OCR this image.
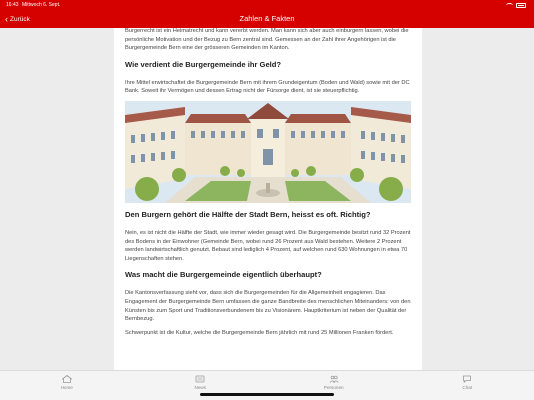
16:43 Mittwoch 6. Sept.
‹ Zurück	Zahlen & Fakten

Burgerrecht ist ein Heimatrecht und kann vererbt werden. Man kann sich aber auch einburgern lassen, wobei die persönliche Motivation und der Bezug zu Bern zentral sind. Gemessen an der Zahl ihrer Angehörigen ist die Burgergemeinde Bern eine der grösseren Gemeinden im Kanton.

Wie verdient die Burgergemeinde ihr Geld?

Ihre Mittel erwirtschaftet die Burgergemeinde Bern mit ihrem Grundeigentum (Boden und Wald) sowie mit der DC Bank. Soweit ihr Vermögen und dessen Ertrag nicht der Fürsorge dient, ist sie steuerpflichtig.

Den Burgern gehört die Hälfte der Stadt Bern, heisst es oft. Richtig?

Nein, es ist nicht die Hälfte der Stadt, wie immer wieder gesagt wird. Die Burgergemeinde besitzt rund 32 Prozent des Bodens in der Einwohner (Gemeinde Bern, wobei rund 26 Prozent aus Wald bestehen. Weitere 2 Prozent werden landwirtschaftlich genutzt. Bebaut sind lediglich 4 Prozent, auf welchen rund 630 Wohnungen in etwa 70 Liegenschaften stehen.

Was macht die Burgergemeinde eigentlich überhaupt?

Die Kantonsverfassung sieht vor, dass sich die Burgergemeinden für die Allgemeinheit engagieren. Das Engagement der Burgergemeinde Bern umfassen die ganze Bandbreite des menschlichen Miteinanders: von den Künsten bis zum Sport und Traditionsverbundenem bis zu Visionärem. Hauptkriterium ist neben der Qualität der Bernbezug.

Schwerpunkt ist die Kultur, welche die Burgergemeinde Bern jährlich mit rund 25 Millionen Franken fördert.

Home	News	Personen	Chat
